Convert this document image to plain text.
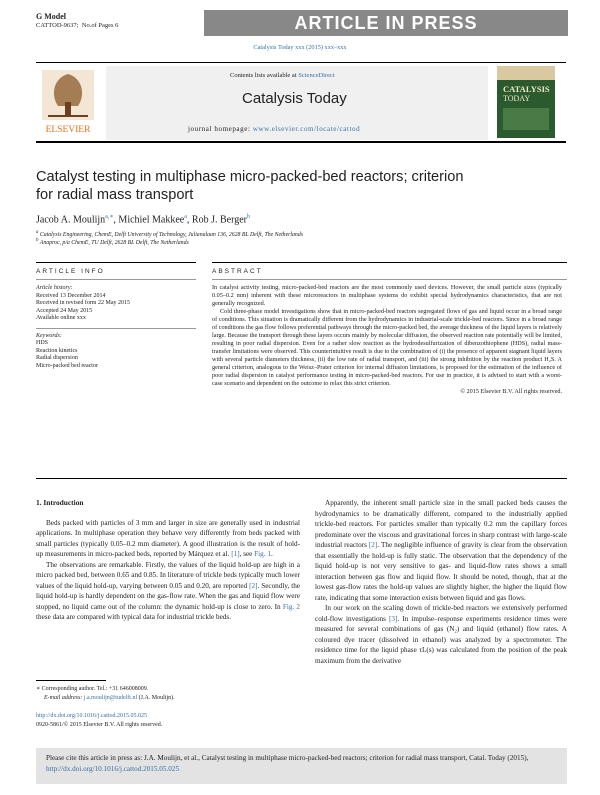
G Model
CATTOD-9637; No.of Pages 6	ARTICLE IN PRESS
Catalysis Today xxx (2015) xxx–xxx
ELSEVIER
Contents lists available at ScienceDirect
Catalysis Today
journal homepage: www.elsevier.com/locate/cattod
CATALYSIS
TODAY
Catalyst testing in multiphase micro-packed-bed reactors; criterion
for radial mass transport
Jacob A. Moulijn$^{a,∗}$, Michiel Makkee$^a$, Rob J. Berger$^b$
$^a$ Catalysis Engineering, ChemE, Delft University of Technology, Julianalaan 136, 2628 BL Delft, The Netherlands
$^b$ Anaproc, p/a ChemE, TU Delft, 2628 BL Delft, The Netherlands
ARTICLE INFO	ABSTRACT
Article history:
Received 13 December 2014
Received in revised form 22 May 2015
Accepted 24 May 2015
Available online xxx
Keywords:
HDS
Reaction kinetics
Radial dispersion
Micro-packed bed reactor

In catalyst activity testing, micro-packed-bed reactors are the most commonly used devices. However, the small particle sizes (typically 0.05–0.2 mm) inherent with these microreactors in multiphase systems do exhibit special hydrodynamics characteristics, that are not generally recognized.

Cold three-phase model investigations show that in micro-packed-bed reactors segregated flows of gas and liquid occur in a broad range of conditions. This situation is dramatically different from the hydrodynamics in industrial-scale trickle-bed reactors. Since in a broad range of conditions the gas flow follows preferential pathways through the micro-packed bed, the average thickness of the liquid layers is relatively large. Because the transport through these layers occurs mainly by molecular diffusion, the observed reaction rate potentially will be limited, resulting in poor radial dispersion. Even for a rather slow reaction as the hydrodesulfurization of dibenzothiophene (HDS), radial mass-transfer limitations were observed. This counterintuitive result is due to the combination of (i) the presence of apparent stagnant liquid layers with several particle diameters thickness, (ii) the low rate of radial transport, and (iii) the strong inhibition by the reaction product H₂S. A general criterion, analogous to the Weisz–Prater criterion for internal diffusion limitations, is proposed for the estimation of the influence of poor radial dispersion in catalyst performance testing in micro-packed-bed reactors. For use in practice, it is advised to start with a worst-case scenario and dependent on the outcome to relax this strict criterion.

© 2015 Elsevier B.V. All rights reserved.

1. Introduction

Beds packed with particles of 3 mm and larger in size are generally used in industrial applications. In multiphase operation they behave very differently from beds packed with small particles (typically 0.05–0.2 mm diameter). A good illustration is the result of hold-up measurements in micro-packed beds, reported by Márquez et al. [1], see Fig. 1.

The observations are remarkable. Firstly, the values of the liquid hold-up are high in a micro packed bed, between 0.65 and 0.85. In literature of trickle beds typically much lower values of the liquid hold-up, varying between 0.05 and 0.20, are reported [2]. Secondly, the liquid hold-up is hardly dependent on the gas-flow rate. When the gas and liquid flow were stopped, no liquid came out of the column: the dynamic hold-up is close to zero. In Fig. 2 these data are compared with typical data for industrial trickle beds.

Apparently, the inherent small particle size in the small packed beds causes the hydrodynamics to be dramatically different, compared to the industrially applied trickle-bed reactors. For particles smaller than typically 0.2 mm the capillary forces predominate over the viscous and gravitational forces in sharp contrast with large-scale industrial reactors [2]. The negligible influence of gravity is clear from the observation that essentially the hold-up is fully static. The observation that the dependency of the liquid hold-up is not very sensitive to gas- and liquid-flow rates shows a small interaction between gas flow and liquid flow. It should be noted, though, that at the lowest gas-flow rates the hold-up values are slightly higher, the higher the liquid flow rate, indicating that some interaction exists between liquid and gas flows.

In our work on the scaling down of trickle-bed reactors we extensively performed cold-flow investigations [3]. In impulse–response experiments residence times were measured for several combinations of gas (N₂) and liquid (ethanol) flow rates. A coloured dye tracer (dissolved in ethanol) was analyzed by a spectrometer. The residence time for the liquid phase τL(s) was calculated from the position of the peak maximum from the derivative

∗ Corresponding author. Tel.: +31 646008009.
E-mail address: j.a.moulijn@tudelft.nl (J.A. Moulijn).
http://dx.doi.org/10.1016/j.cattod.2015.05.025
0920-5861/© 2015 Elsevier B.V. All rights reserved.
Please cite this article in press as: J.A. Moulijn, et al., Catalyst testing in multiphase micro-packed-bed reactors; criterion for radial mass transport, Catal. Today (2015), http://dx.doi.org/10.1016/j.cattod.2015.05.025
